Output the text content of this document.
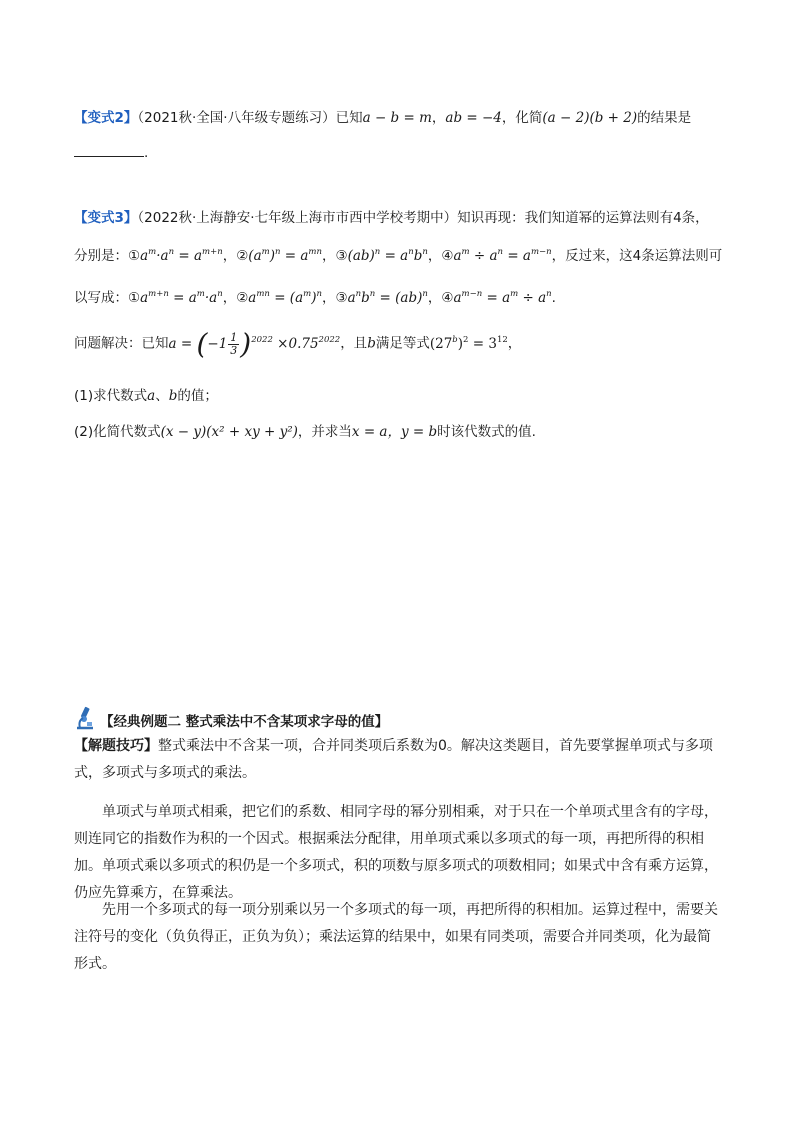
【变式2】（2021秋·全国·八年级专题练习）已知a − b = m，ab = −4，化简(a − 2)(b + 2)的结果是
.
【变式3】（2022秋·上海静安·七年级上海市市西中学校考期中）知识再现：我们知道幂的运算法则有4条，
分别是：$①a^m\cdot a^n = a^{m+n}$，$②(a^m)^n = a^{mn}$，③(ab)$^n$ = $a^nb^n$，$④a^m \div a^n = a^{m-n}$，反过来，这4条运算法则可
以写成：$①a^{m+n} = a^m\cdot a^n$，$②a^{mn} = (a^m)^n$，$③a^nb^n = (ab)^n$，$④a^{m-n} = a^m \div a^n$.
问题解决：已知$a = (-1 \frac{1}{3} )^{2022} \times 0.75^{2022}$，且b满足等式$(27^b)^2 = 3^{12}$，
(1)求代数式a、b的值；
(2)化简代数式(x − y)(x² + xy + y²)，并求当x = a，y = b时该代数式的值.
【经典例题二 整式乘法中不含某项求字母的值】
【解题技巧】整式乘法中不含某一项，合并同类项后系数为0。解决这类题目，首先要掌握单项式与多项式，多项式与多项式的乘法。
单项式与单项式相乘，把它们的系数、相同字母的幂分别相乘，对于只在一个单项式里含有的字母，则连同它的指数作为积的一个因式。根据乘法分配律，用单项式乘以多项式的每一项，再把所得的积相加。单项式乘以多项式的积仍是一个多项式，积的项数与原多项式的项数相同；如果式中含有乘方运算，仍应先算乘方，在算乘法。
先用一个多项式的每一项分别乘以另一个多项式的每一项，再把所得的积相加。运算过程中，需要关注符号的变化（负负得正，正负为负）；乘法运算的结果中，如果有同类项，需要合并同类项，化为最简形式。
